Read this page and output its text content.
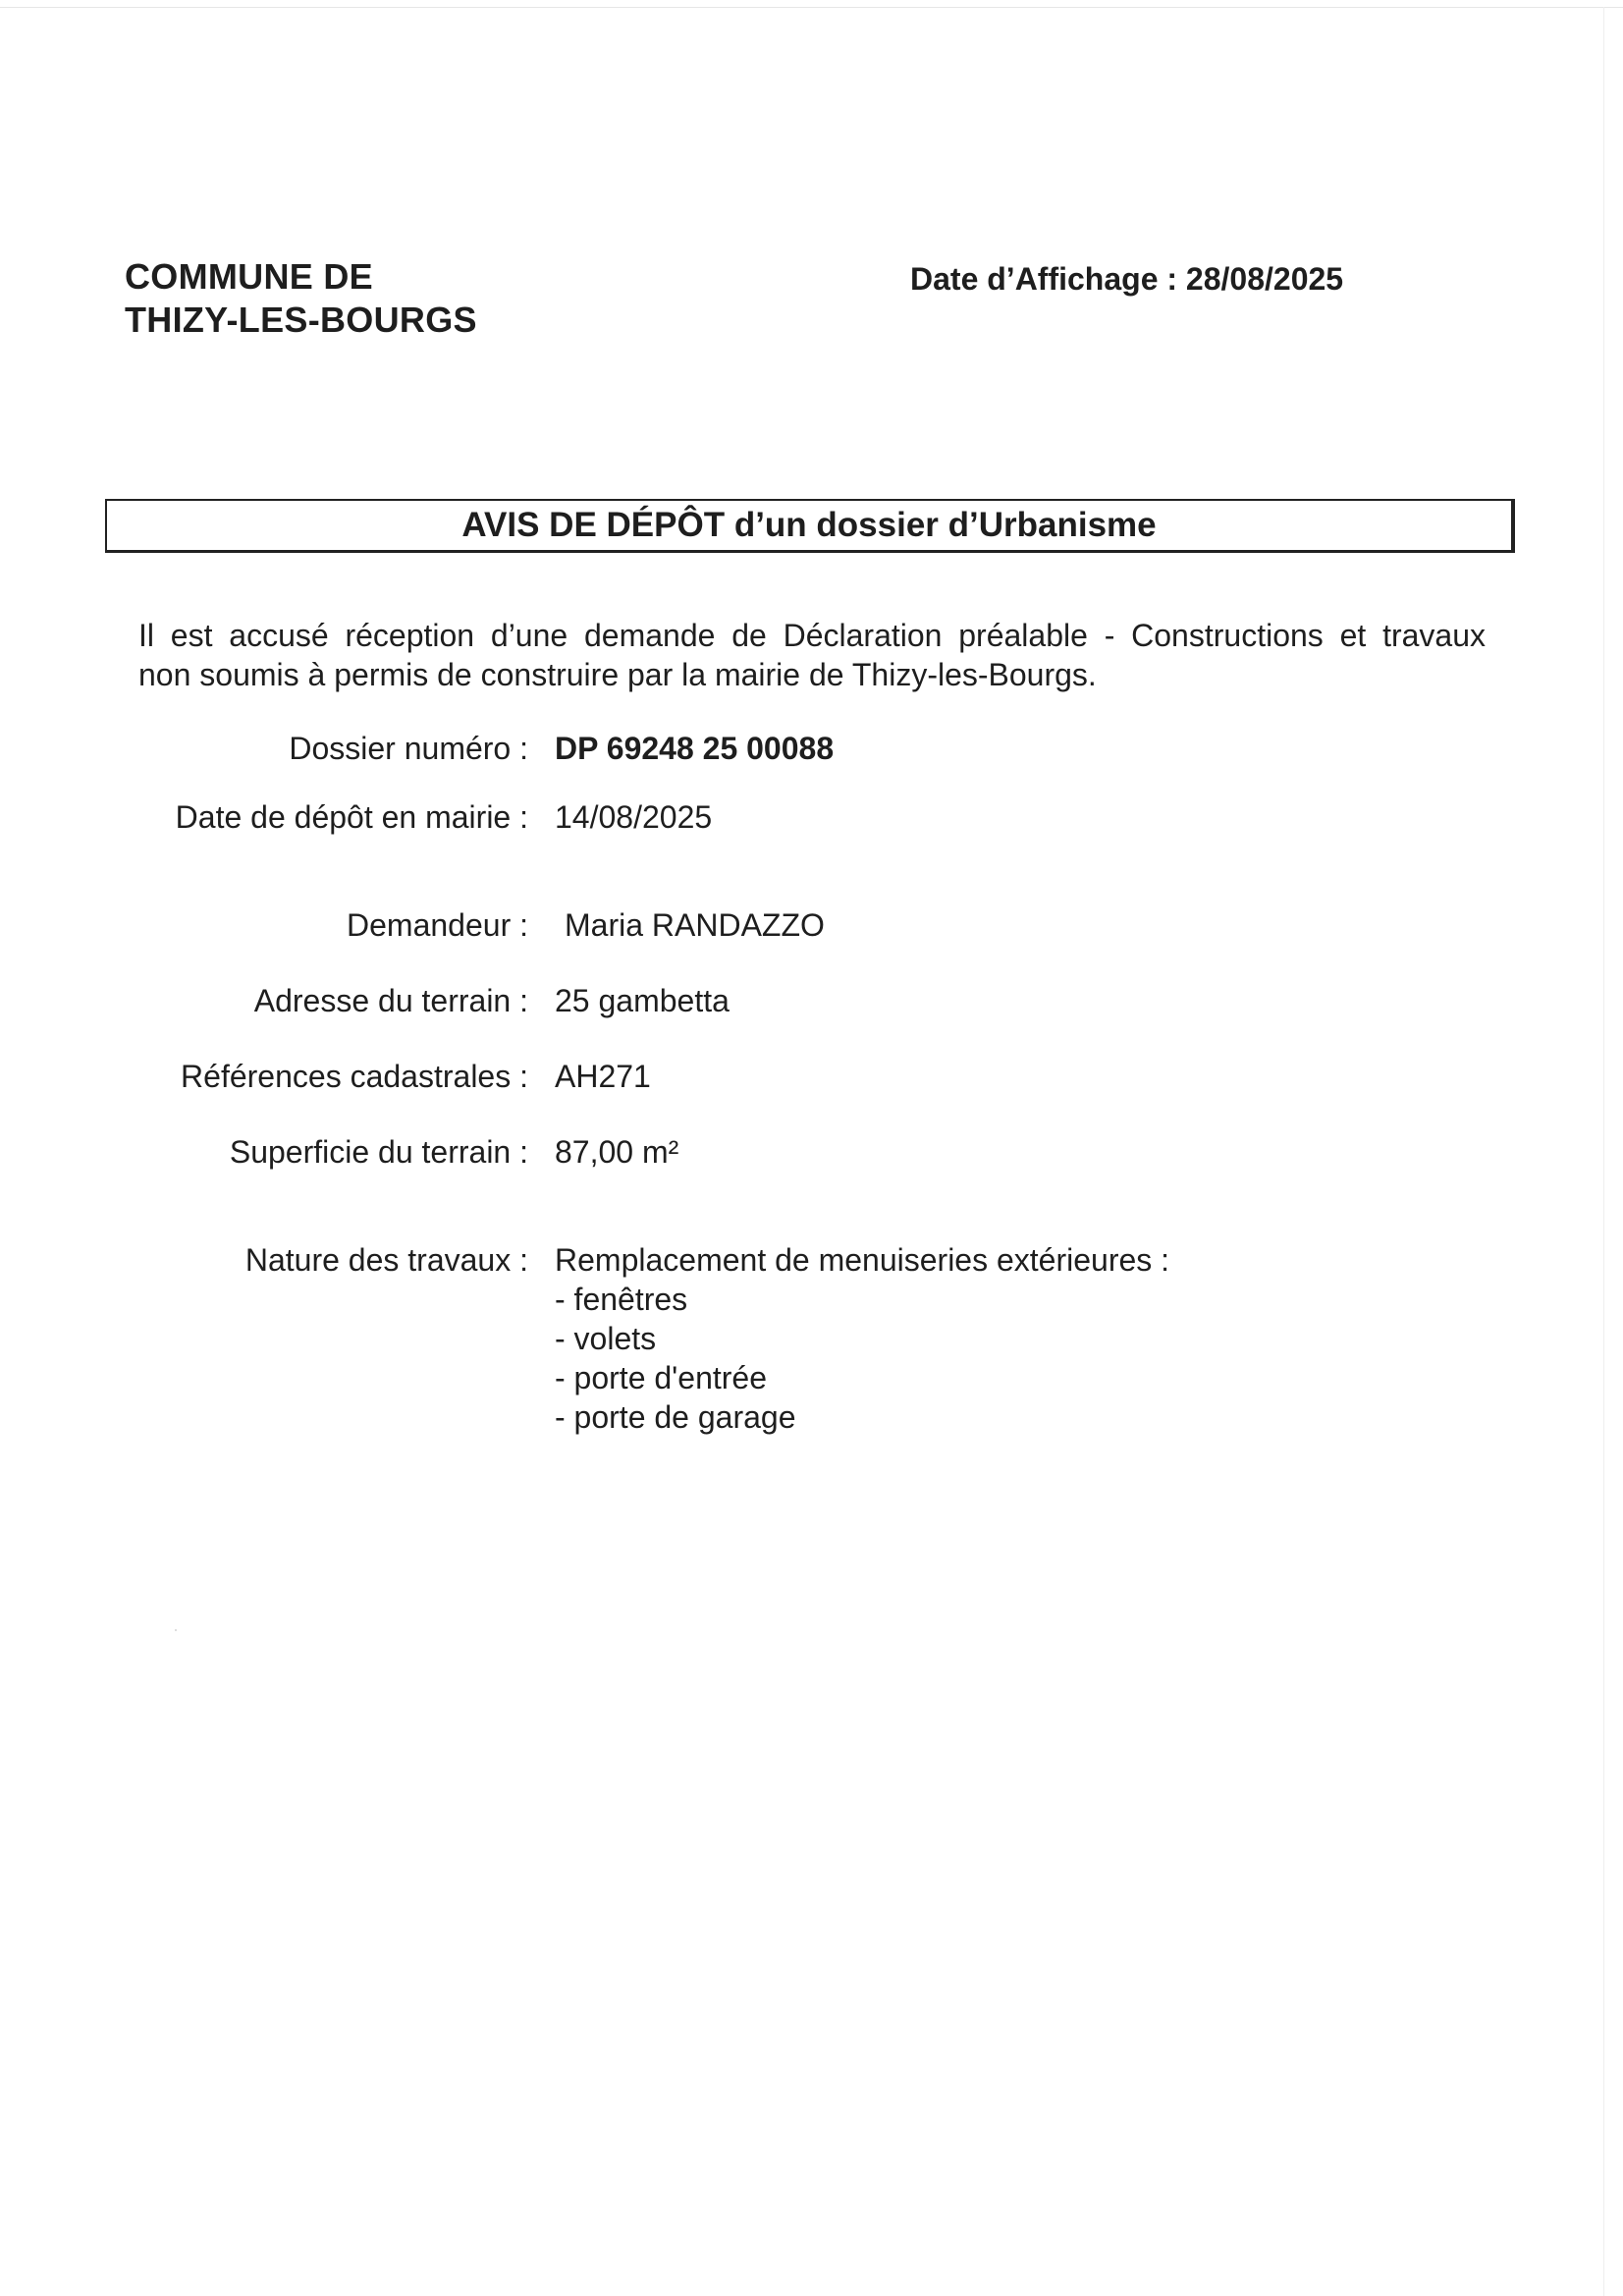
COMMUNE DE
THIZY-LES-BOURGS
Date d’Affichage : 28/08/2025
AVIS DE DÉPÔT d’un dossier d’Urbanisme
Il est accusé réception d’une demande de Déclaration préalable - Constructions et travaux
non soumis à permis de construire par la mairie de Thizy-les-Bourgs.
Dossier numéro : DP 69248 25 00088
Date de dépôt en mairie : 14/08/2025
Demandeur : Maria RANDAZZO
Adresse du terrain : 25 gambetta
Références cadastrales : AH271
Superficie du terrain : 87,00 m²
Nature des travaux : Remplacement de menuiseries extérieures :
- fenêtres
- volets
- porte d'entrée
- porte de garage
